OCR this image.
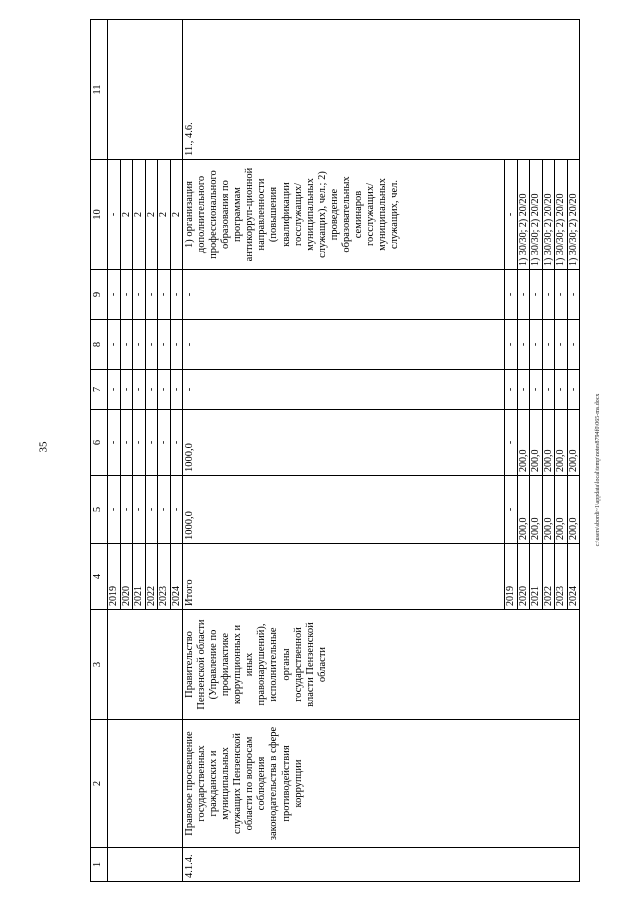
35	c:\users\sbordi~1\appdata\local\temp\notes8794f0\065-ms.docx
1	2	3	4	5	6	7	8	9	10	11
			2019	-	-	-	-	-	-	
			2020	-	-	-	-	-	2	
			2021	-	-	-	-	-	2	
			2022	-	-	-	-	-	2	
			2023	-	-	-	-	-	2	
			2024	-	-	-	-	-	2	
4.1.4.	Правовое просвещение государственных гражданских и муниципальных служащих Пензенской области по вопросам соблюдения законодательства в сфере противодействия коррупции	Правительство Пензенской области (Управление по профилактике коррупционных и иных правонарушений), исполнительные органы государственной власти Пензенской области	Итого	1000,0	1000,0	-	-	-	1) организация дополнительного профессионального образования по программам антикорруп-ционной направленности (повышения квалификации госслужащих/ муниципальных служащих), чел.; 2) проведение образовательных семинаров госслужащих/ муниципальных служащих, чел.	11., 4.6.
			2019	-	-	-	-	-	-	
			2020	200,0	200,0	-	-	-	1) 30/30; 2) 20/20	
			2021	200,0	200,0	-	-	-	1) 30/30; 2) 20/20	
			2022	200,0	200,0	-	-	-	1) 30/30; 2) 20/20	
			2023	200,0	200,0	-	-	-	1) 30/30; 2) 20/20	
			2024	200,0	200,0	-	-	-	1) 30/30; 2) 20/20	
